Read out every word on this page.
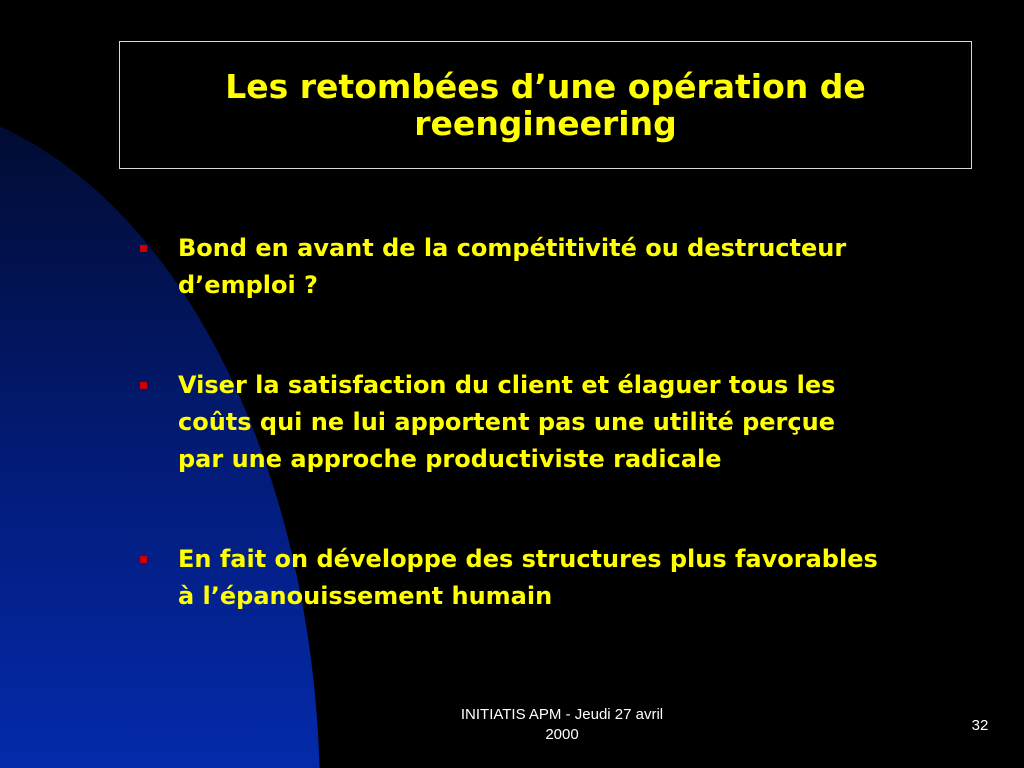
Les retombées d’une opération de
reengineering
Bond en avant de la compétitivité ou destructeur
d’emploi ?
Viser la satisfaction du client et élaguer tous les
coûts qui ne lui apportent pas une utilité perçue
par une approche productiviste radicale
En fait on développe des structures plus favorables
à l’épanouissement humain
INITIATIS APM - Jeudi 27 avril
2000
32
